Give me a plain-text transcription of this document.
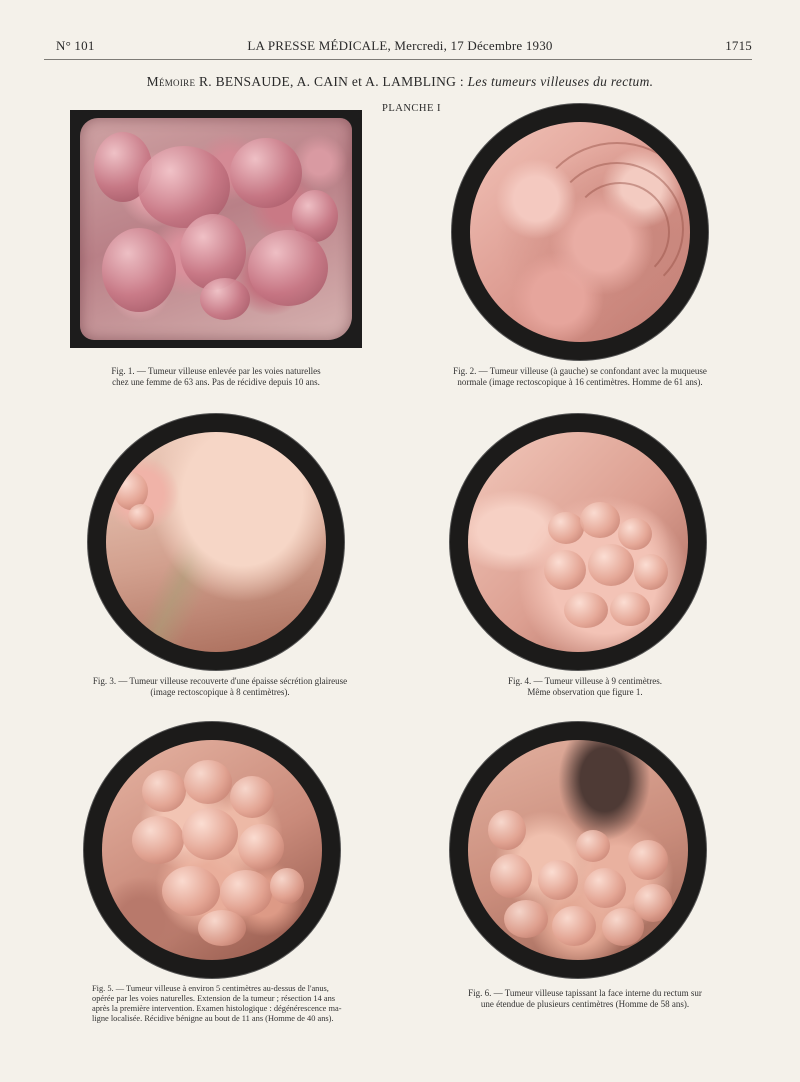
N° 101	LA PRESSE MÉDICALE, Mercredi, 17 Décembre 1930	1715
Mémoire R. BENSAUDE, A. CAIN et A. LAMBLING : Les tumeurs villeuses du rectum.
PLANCHE I
Fig. 1. — Tumeur villeuse enlevée par les voies naturelles
chez une femme de 63 ans. Pas de récidive depuis 10 ans.
Fig. 2. — Tumeur villeuse (à gauche) se confondant avec la muqueuse
normale (image rectoscopique à 16 centimètres. Homme de 61 ans).
Fig. 3. — Tumeur villeuse recouverte d'une épaisse sécrétion glaireuse
(image rectoscopique à 8 centimètres).
Fig. 4. — Tumeur villeuse à 9 centimètres.
Même observation que figure 1.
Fig. 5. — Tumeur villeuse à environ 5 centimètres au-dessus de l'anus,
opérée par les voies naturelles. Extension de la tumeur ; résection 14 ans
après la première intervention. Examen histologique : dégénérescence ma-
ligne localisée. Récidive bénigne au bout de 11 ans (Homme de 40 ans).
Fig. 6. — Tumeur villeuse tapissant la face interne du rectum sur
une étendue de plusieurs centimètres (Homme de 58 ans).
